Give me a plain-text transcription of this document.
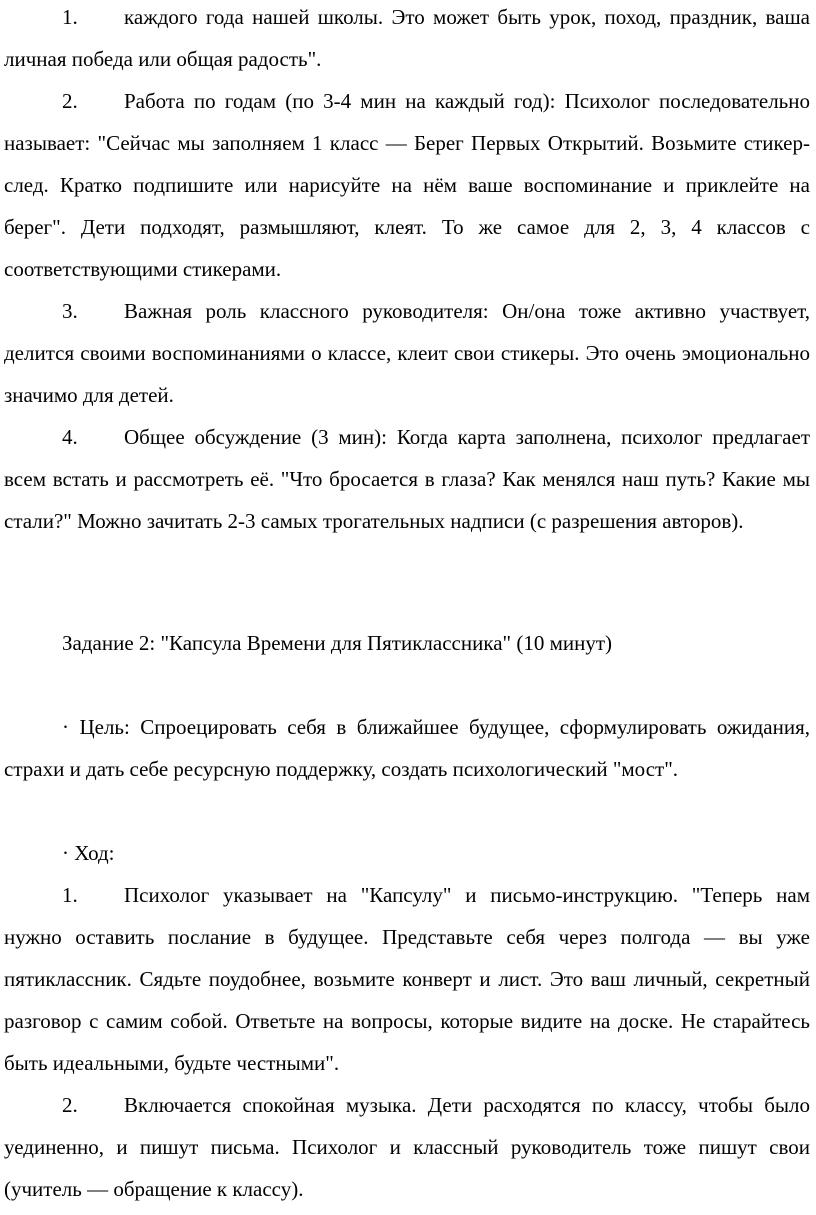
1. каждого года нашей школы. Это может быть урок, поход, праздник, ваша личная победа или общая радость".

2. Работа по годам (по 3-4 мин на каждый год): Психолог последовательно называет: "Сейчас мы заполняем 1 класс — Берег Первых Открытий. Возьмите стикер-след. Кратко подпишите или нарисуйте на нём ваше воспоминание и приклейте на берег". Дети подходят, размышляют, клеят. То же самое для 2, 3, 4 классов с соответствующими стикерами.

3. Важная роль классного руководителя: Он/она тоже активно участвует, делится своими воспоминаниями о классе, клеит свои стикеры. Это очень эмоционально значимо для детей.

4. Общее обсуждение (3 мин): Когда карта заполнена, психолог предлагает всем встать и рассмотреть её. "Что бросается в глаза? Как менялся наш путь? Какие мы стали?" Можно зачитать 2-3 самых трогательных надписи (с разрешения авторов).

Задание 2: "Капсула Времени для Пятиклассника" (10 минут)

· Цель: Спроецировать себя в ближайшее будущее, сформулировать ожидания, страхи и дать себе ресурсную поддержку, создать психологический "мост".

· Ход:

1. Психолог указывает на "Капсулу" и письмо-инструкцию. "Теперь нам нужно оставить послание в будущее. Представьте себя через полгода — вы уже пятиклассник. Сядьте поудобнее, возьмите конверт и лист. Это ваш личный, секретный разговор с самим собой. Ответьте на вопросы, которые видите на доске. Не старайтесь быть идеальными, будьте честными".

2. Включается спокойная музыка. Дети расходятся по классу, чтобы было уединенно, и пишут письма. Психолог и классный руководитель тоже пишут свои (учитель — обращение к классу).
